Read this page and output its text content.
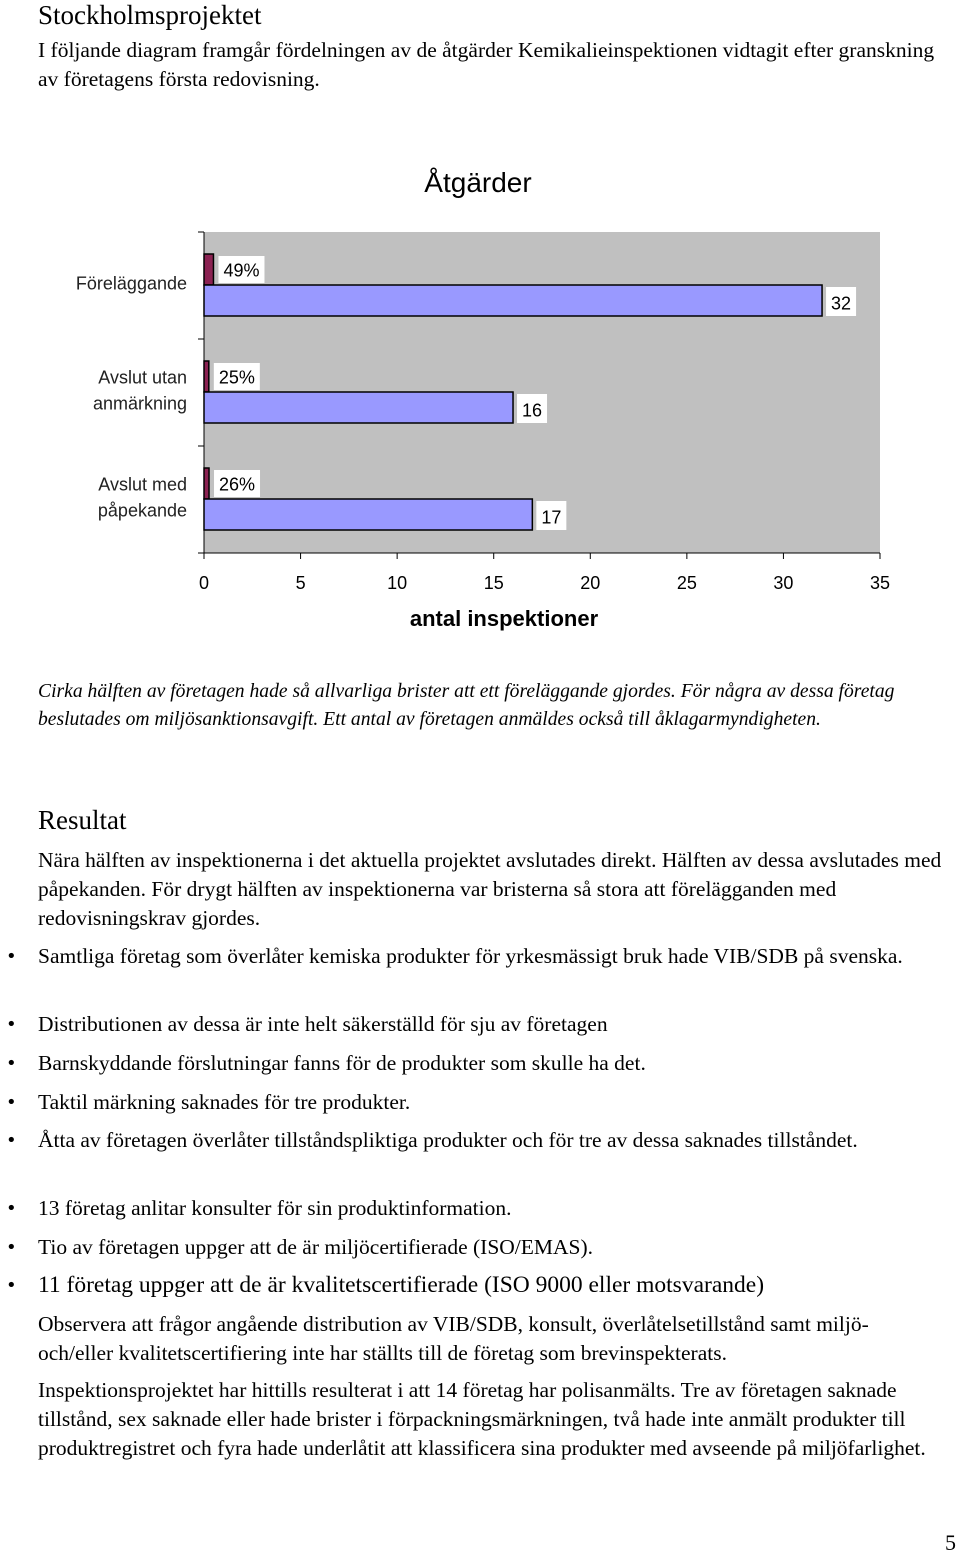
Stockholmsprojektet

I följande diagram framgår fördelningen av de åtgärder Kemikalieinspektionen vidtagit efter granskning av företagens första redovisning.

Åtgärder
0	5	10	15	20	25	30	35
Föreläggande
49%
32
Avslut utan
anmärkning
25%
16
Avslut med
påpekande
26%
17
antal inspektioner

Cirka hälften av företagen hade så allvarliga brister att ett föreläggande gjordes. För några av dessa företag beslutades om miljösanktionsavgift. Ett antal av företagen anmäldes också till åklagarmyndigheten.

Resultat

Nära hälften av inspektionerna i det aktuella projektet avslutades direkt. Hälften av dessa avslutades med påpekanden. För drygt hälften av inspektionerna var bristerna så stora att förelägganden med redovisningskrav gjordes.

• Samtliga företag som överlåter kemiska produkter för yrkesmässigt bruk hade VIB/SDB på svenska.
• Distributionen av dessa är inte helt säkerställd för sju av företagen
• Barnskyddande förslutningar fanns för de produkter som skulle ha det.
• Taktil märkning saknades för tre produkter.
• Åtta av företagen överlåter tillståndspliktiga produkter och för tre av dessa saknades tillståndet.
• 13 företag anlitar konsulter för sin produktinformation.
• Tio av företagen uppger att de är miljöcertifierade (ISO/EMAS).
• 11 företag uppger att de är kvalitetscertifierade (ISO 9000 eller motsvarande)

Observera att frågor angående distribution av VIB/SDB, konsult, överlåtelsetillstånd samt miljö- och/eller kvalitetscertifiering inte har ställts till de företag som brevinspekterats.

Inspektionsprojektet har hittills resulterat i att 14 företag har polisanmälts. Tre av företagen saknade tillstånd, sex saknade eller hade brister i förpackningsmärkningen, två hade inte anmält produkter till produktregistret och fyra hade underlåtit att klassificera sina produkter med avseende på miljöfarlighet.

5
